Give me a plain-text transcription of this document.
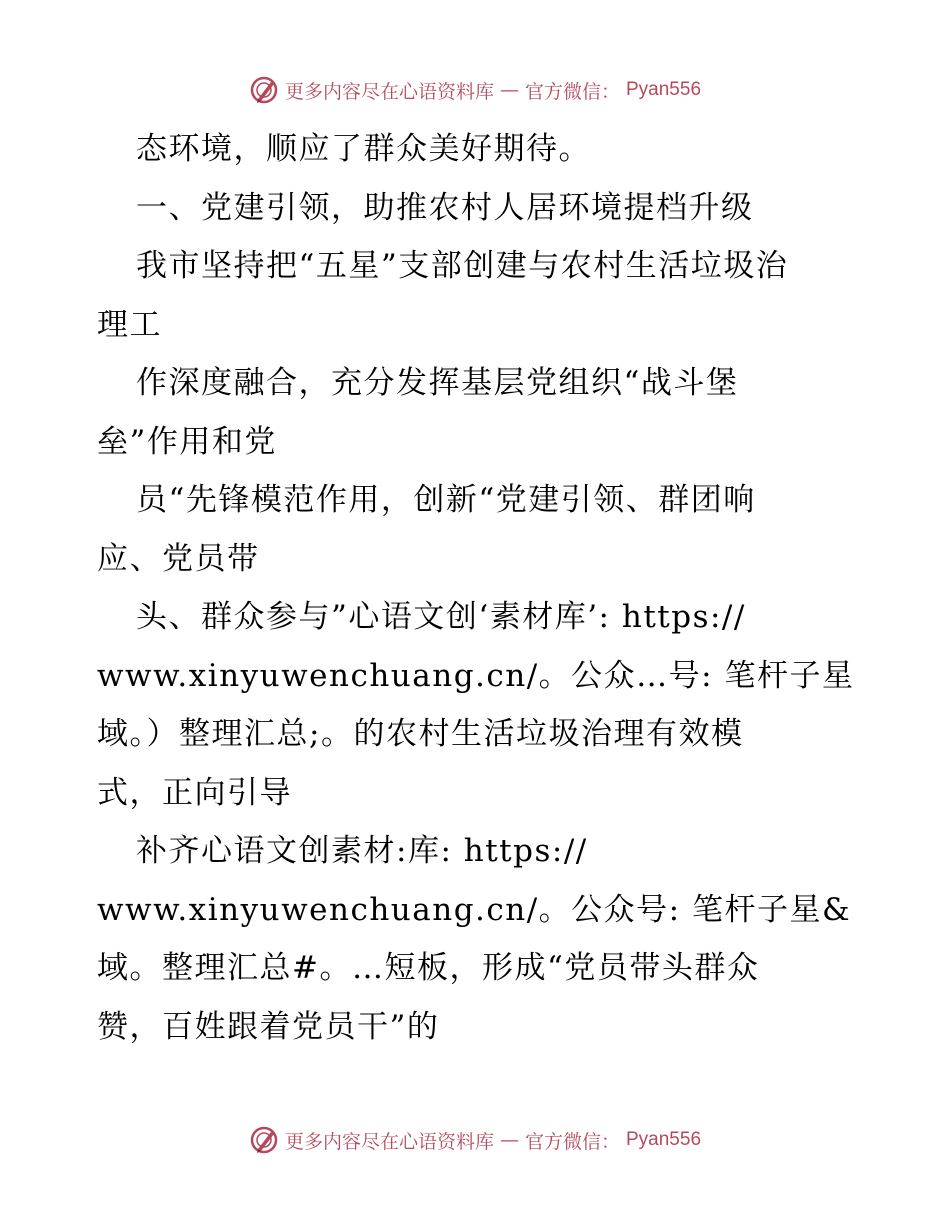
更多内容尽在心语资料库 — 官方微信： Pyan556
态环境，顺应了群众美好期待。
一、党建引领，助推农村人居环境提档升级
我市坚持把“五星”支部创建与农村生活垃圾治
理工
作深度融合，充分发挥基层党组织“战斗堡
垒”作用和党
员“先锋模范作用，创新“党建引领、群团响
应、党员带
头、群众参与”心语文创‘素材库’: https://
www.xinyuwenchuang.cn/。公众…号: 笔杆子星
域。）整理汇总;。的农村生活垃圾治理有效模
式，正向引导
补齐心语文创素材:库: https://
www.xinyuwenchuang.cn/。公众号: 笔杆子星&
域。整理汇总#。…短板，形成“党员带头群众
赞，百姓跟着党员干”的
更多内容尽在心语资料库 — 官方微信： Pyan556
